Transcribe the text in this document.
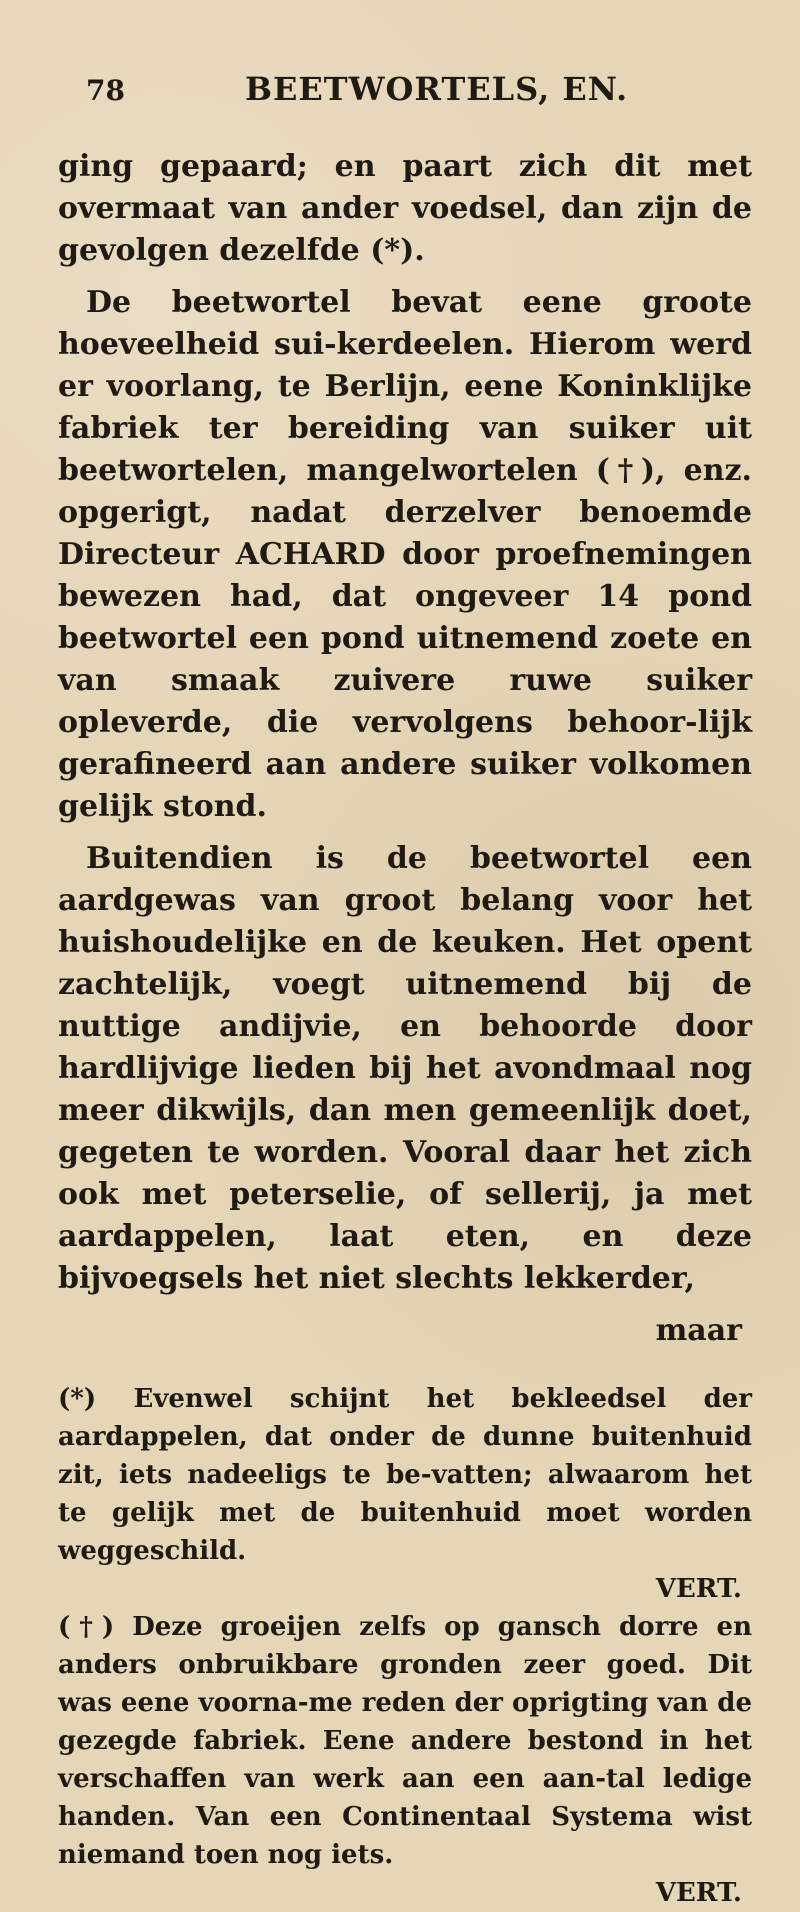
78	BEETWORTELS, EN.

ging gepaard; en paart zich dit met overmaat van ander voedsel, dan zijn de gevolgen dezelfde (*).

De beetwortel bevat eene groote hoeveelheid sui-kerdeelen. Hierom werd er voorlang, te Berlijn, eene Koninklijke fabriek ter bereiding van suiker uit beetwortelen, mangelwortelen (†), enz. opgerigt, nadat derzelver benoemde Directeur ACHARD door proefnemingen bewezen had, dat ongeveer 14 pond beetwortel een pond uitnemend zoete en van smaak zuivere ruwe suiker opleverde, die vervolgens behoor-lijk gerafineerd aan andere suiker volkomen gelijk stond.

Buitendien is de beetwortel een aardgewas van groot belang voor het huishoudelijke en de keuken. Het opent zachtelijk, voegt uitnemend bij de nuttige andijvie, en behoorde door hardlijvige lieden bij het avondmaal nog meer dikwijls, dan men gemeenlijk doet, gegeten te worden. Vooral daar het zich ook met peterselie, of sellerij, ja met aardappelen, laat eten, en deze bijvoegsels het niet slechts lekkerder,

maar

(*) Evenwel schijnt het bekleedsel der aardappelen, dat onder de dunne buitenhuid zit, iets nadeeligs te be-vatten; alwaarom het te gelijk met de buitenhuid moet worden weggeschild.

VERT.

(†) Deze groeijen zelfs op gansch dorre en anders onbruikbare gronden zeer goed. Dit was eene voorna-me reden der oprigting van de gezegde fabriek. Eene andere bestond in het verschaffen van werk aan een aan-tal ledige handen. Van een Continentaal Systema wist niemand toen nog iets.

VERT.
